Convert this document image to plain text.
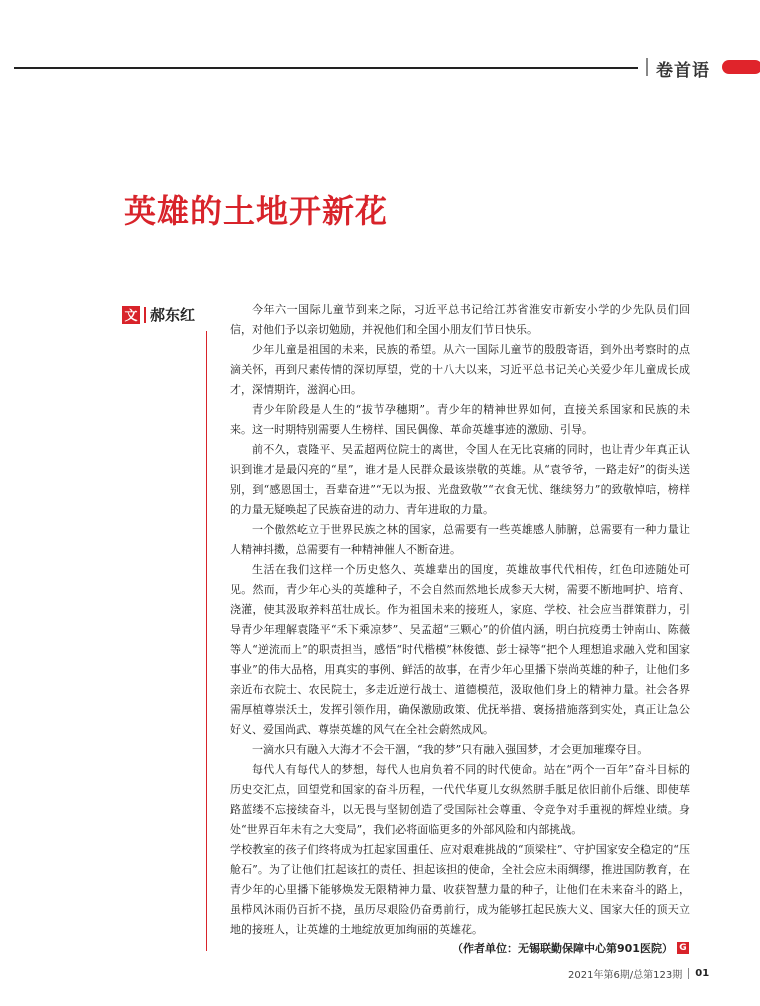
卷首语
英雄的土地开新花
文 郝东红	今年六一国际儿童节到来之际，习近平总书记给江苏省淮安市新安小学的少先队员们回信，对他们予以亲切勉励，并祝他们和全国小朋友们节日快乐。

少年儿童是祖国的未来，民族的希望。从六一国际儿童节的殷殷寄语，到外出考察时的点滴关怀，再到尺素传情的深切厚望，党的十八大以来，习近平总书记关心关爱少年儿童成长成才，深情期许，滋润心田。

青少年阶段是人生的“拔节孕穗期”。青少年的精神世界如何，直接关系国家和民族的未来。这一时期特别需要人生榜样、国民偶像、革命英雄事迹的激励、引导。

前不久，袁隆平、吴孟超两位院士的离世，令国人在无比哀痛的同时，也让青少年真正认识到谁才是最闪亮的“星”，谁才是人民群众最该崇敬的英雄。从“袁爷爷，一路走好”的街头送别，到“感恩国士，吾辈奋进”“无以为报、光盘致敬”“衣食无忧、继续努力”的致敬悼唁，榜样的力量无疑唤起了民族奋进的动力、青年进取的力量。

一个傲然屹立于世界民族之林的国家，总需要有一些英雄感人肺腑，总需要有一种力量让人精神抖擞，总需要有一种精神催人不断奋进。

生活在我们这样一个历史悠久、英雄辈出的国度，英雄故事代代相传，红色印迹随处可见。然而，青少年心头的英雄种子，不会自然而然地长成参天大树，需要不断地呵护、培育、浇灌，使其汲取养料茁壮成长。作为祖国未来的接班人，家庭、学校、社会应当群策群力，引导青少年理解袁隆平“禾下乘凉梦”、吴孟超“三颗心”的价值内涵，明白抗疫勇士钟南山、陈薇等人“逆流而上”的职责担当，感悟“时代楷模”林俊德、彭士禄等“把个人理想追求融入党和国家事业”的伟大品格，用真实的事例、鲜活的故事，在青少年心里播下崇尚英雄的种子，让他们多亲近布衣院士、农民院士，多走近逆行战士、道德模范，汲取他们身上的精神力量。社会各界需厚植尊崇沃土，发挥引领作用，确保激励政策、优抚举措、褒扬措施落到实处，真正让急公好义、爱国尚武、尊崇英雄的风气在全社会蔚然成风。

一滴水只有融入大海才不会干涸，“我的梦”只有融入强国梦，才会更加璀璨夺目。

每代人有每代人的梦想，每代人也肩负着不同的时代使命。站在“两个一百年”奋斗目标的历史交汇点，回望党和国家的奋斗历程，一代代华夏儿女纵然胼手胝足依旧前仆后继、即使荜路蓝缕不忘接续奋斗，以无畏与坚韧创造了受国际社会尊重、令竞争对手重视的辉煌业绩。身处“世界百年未有之大变局”，我们必将面临更多的外部风险和内部挑战。

学校教室的孩子们终将成为扛起家国重任、应对艰难挑战的“顶梁柱”、守护国家安全稳定的“压舱石”。为了让他们扛起该扛的责任、担起该担的使命，全社会应未雨绸缪，推进国防教育，在青少年的心里播下能够焕发无限精神力量、收获智慧力量的种子，让他们在未来奋斗的路上，虽栉风沐雨仍百折不挠，虽历尽艰险仍奋勇前行，成为能够扛起民族大义、国家大任的顶天立地的接班人，让英雄的土地绽放更加绚丽的英雄花。

（作者单位：无锡联勤保障中心第901医院） G
2021年第6期/总第123期 01
